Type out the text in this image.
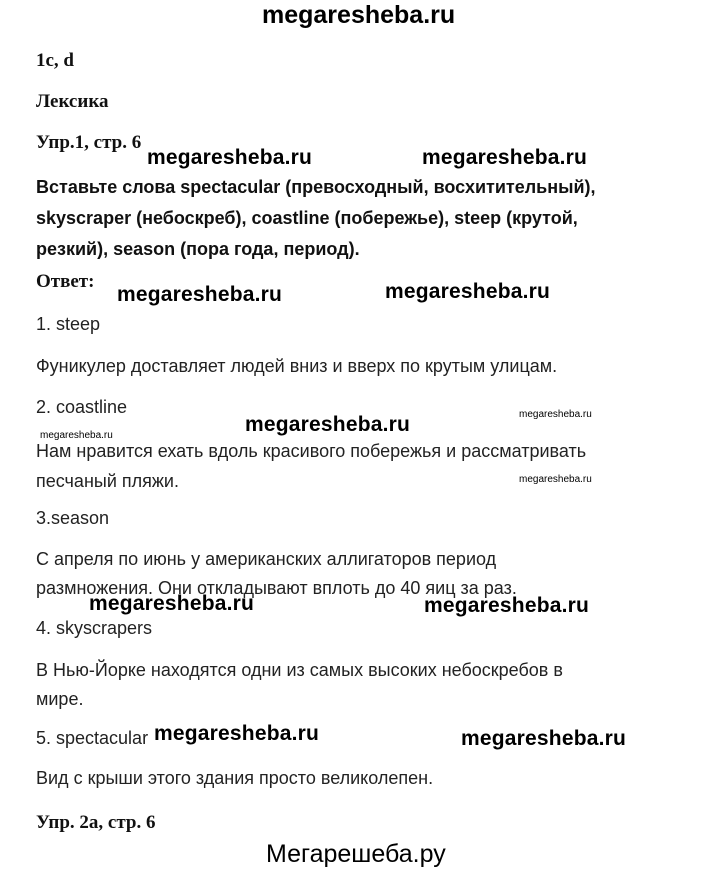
megaresheba.ru
1c, d
Лексика
Упр.1, стр. 6
Вставьте слова spectacular (превосходный, восхитительный),
skyscraper (небоскреб), coastline (побережье), steep (крутой,
резкий), season (пора года, период).
Ответ:
1. steep
Фуникулер доставляет людей вниз и вверх по крутым улицам.
2. coastline
Нам нравится ехать вдоль красивого побережья и рассматривать
песчаный пляжи.
3.season
С апреля по июнь у американских аллигаторов период
размножения. Они откладывают вплоть до 40 яиц за раз.
4. skyscrapers
В Нью-Йорке находятся одни из самых высоких небоскребов в
мире.
5. spectacular
Вид с крыши этого здания просто великолепен.
Упр. 2а, стр. 6
Мегарешеба.ру
megaresheba.ru	megaresheba.ru
megaresheba.ru	megaresheba.ru
megaresheba.ru	megaresheba.ru
megaresheba.ru
megaresheba.ru
megaresheba.ru	megaresheba.ru
megaresheba.ru	megaresheba.ru
